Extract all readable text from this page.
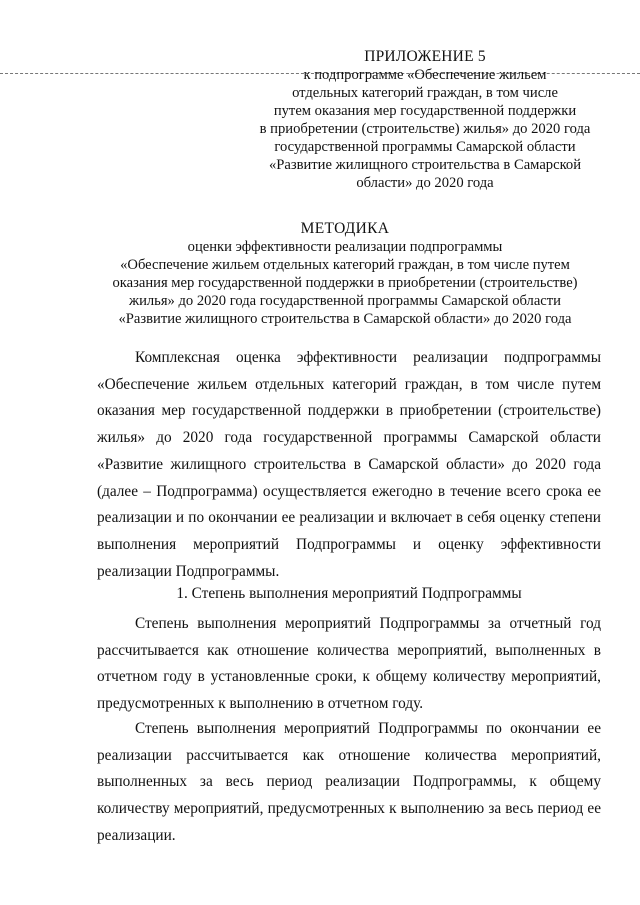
ПРИЛОЖЕНИЕ 5
к подпрограмме «Обеспечение жильем
отдельных категорий граждан, в том числе
путем оказания мер государственной поддержки
в приобретении (строительстве) жилья» до 2020 года
государственной программы Самарской области
«Развитие жилищного строительства в Самарской
области» до 2020 года
МЕТОДИКА
оценки эффективности реализации подпрограммы
«Обеспечение жильем отдельных категорий граждан, в том числе путем
оказания мер государственной поддержки в приобретении (строительстве)
жилья» до 2020 года государственной программы Самарской области
«Развитие жилищного строительства в Самарской области» до 2020 года

Комплексная оценка эффективности реализации подпрограммы «Обеспечение жильем отдельных категорий граждан, в том числе путем оказания мер государственной поддержки в приобретении (строительстве) жилья» до 2020 года государственной программы Самарской области «Развитие жилищного строительства в Самарской области» до 2020 года (далее – Подпрограмма) осуществляется ежегодно в течение всего срока ее реализации и по окончании ее реализации и включает в себя оценку степени выполнения мероприятий Подпрограммы и оценку эффективности реализации Подпрограммы.

1. Степень выполнения мероприятий Подпрограммы

Степень выполнения мероприятий Подпрограммы за отчетный год рассчитывается как отношение количества мероприятий, выполненных в отчетном году в установленные сроки, к общему количеству мероприятий, предусмотренных к выполнению в отчетном году.

Степень выполнения мероприятий Подпрограммы по окончании ее реализации рассчитывается как отношение количества мероприятий, выполненных за весь период реализации Подпрограммы, к общему количеству мероприятий, предусмотренных к выполнению за весь период ее реализации.
